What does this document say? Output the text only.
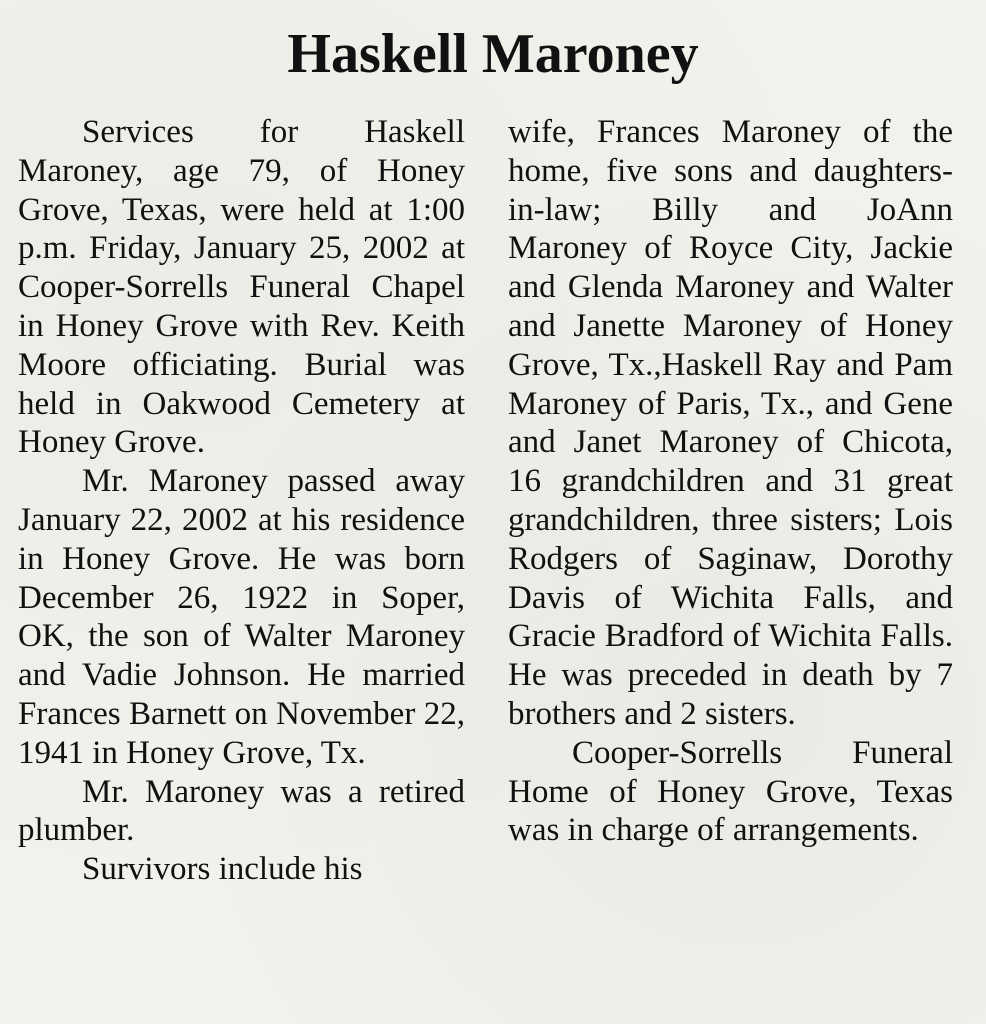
Haskell Maroney

Services for Haskell Maroney, age 79, of Honey Grove, Texas, were held at 1:00 p.m. Friday, January 25, 2002 at Cooper-Sorrells Funeral Chapel in Honey Grove with Rev. Keith Moore officiating. Burial was held in Oakwood Cemetery at Honey Grove.

Mr. Maroney passed away January 22, 2002 at his residence in Honey Grove. He was born December 26, 1922 in Soper, OK, the son of Walter Maroney and Vadie Johnson. He married Frances Barnett on November 22, 1941 in Honey Grove, Tx.

Mr. Maroney was a retired plumber.

Survivors include his

wife, Frances Maroney of the home, five sons and daughters-in-law; Billy and JoAnn Maroney of Royce City, Jackie and Glenda Maroney and Walter and Janette Maroney of Honey Grove, Tx.,Haskell Ray and Pam Maroney of Paris, Tx., and Gene and Janet Maroney of Chicota, 16 grandchildren and 31 great grandchildren, three sisters; Lois Rodgers of Saginaw, Dorothy Davis of Wichita Falls, and Gracie Bradford of Wichita Falls. He was preceded in death by 7 brothers and 2 sisters.

Cooper-Sorrells Funeral Home of Honey Grove, Texas was in charge of arrangements.
